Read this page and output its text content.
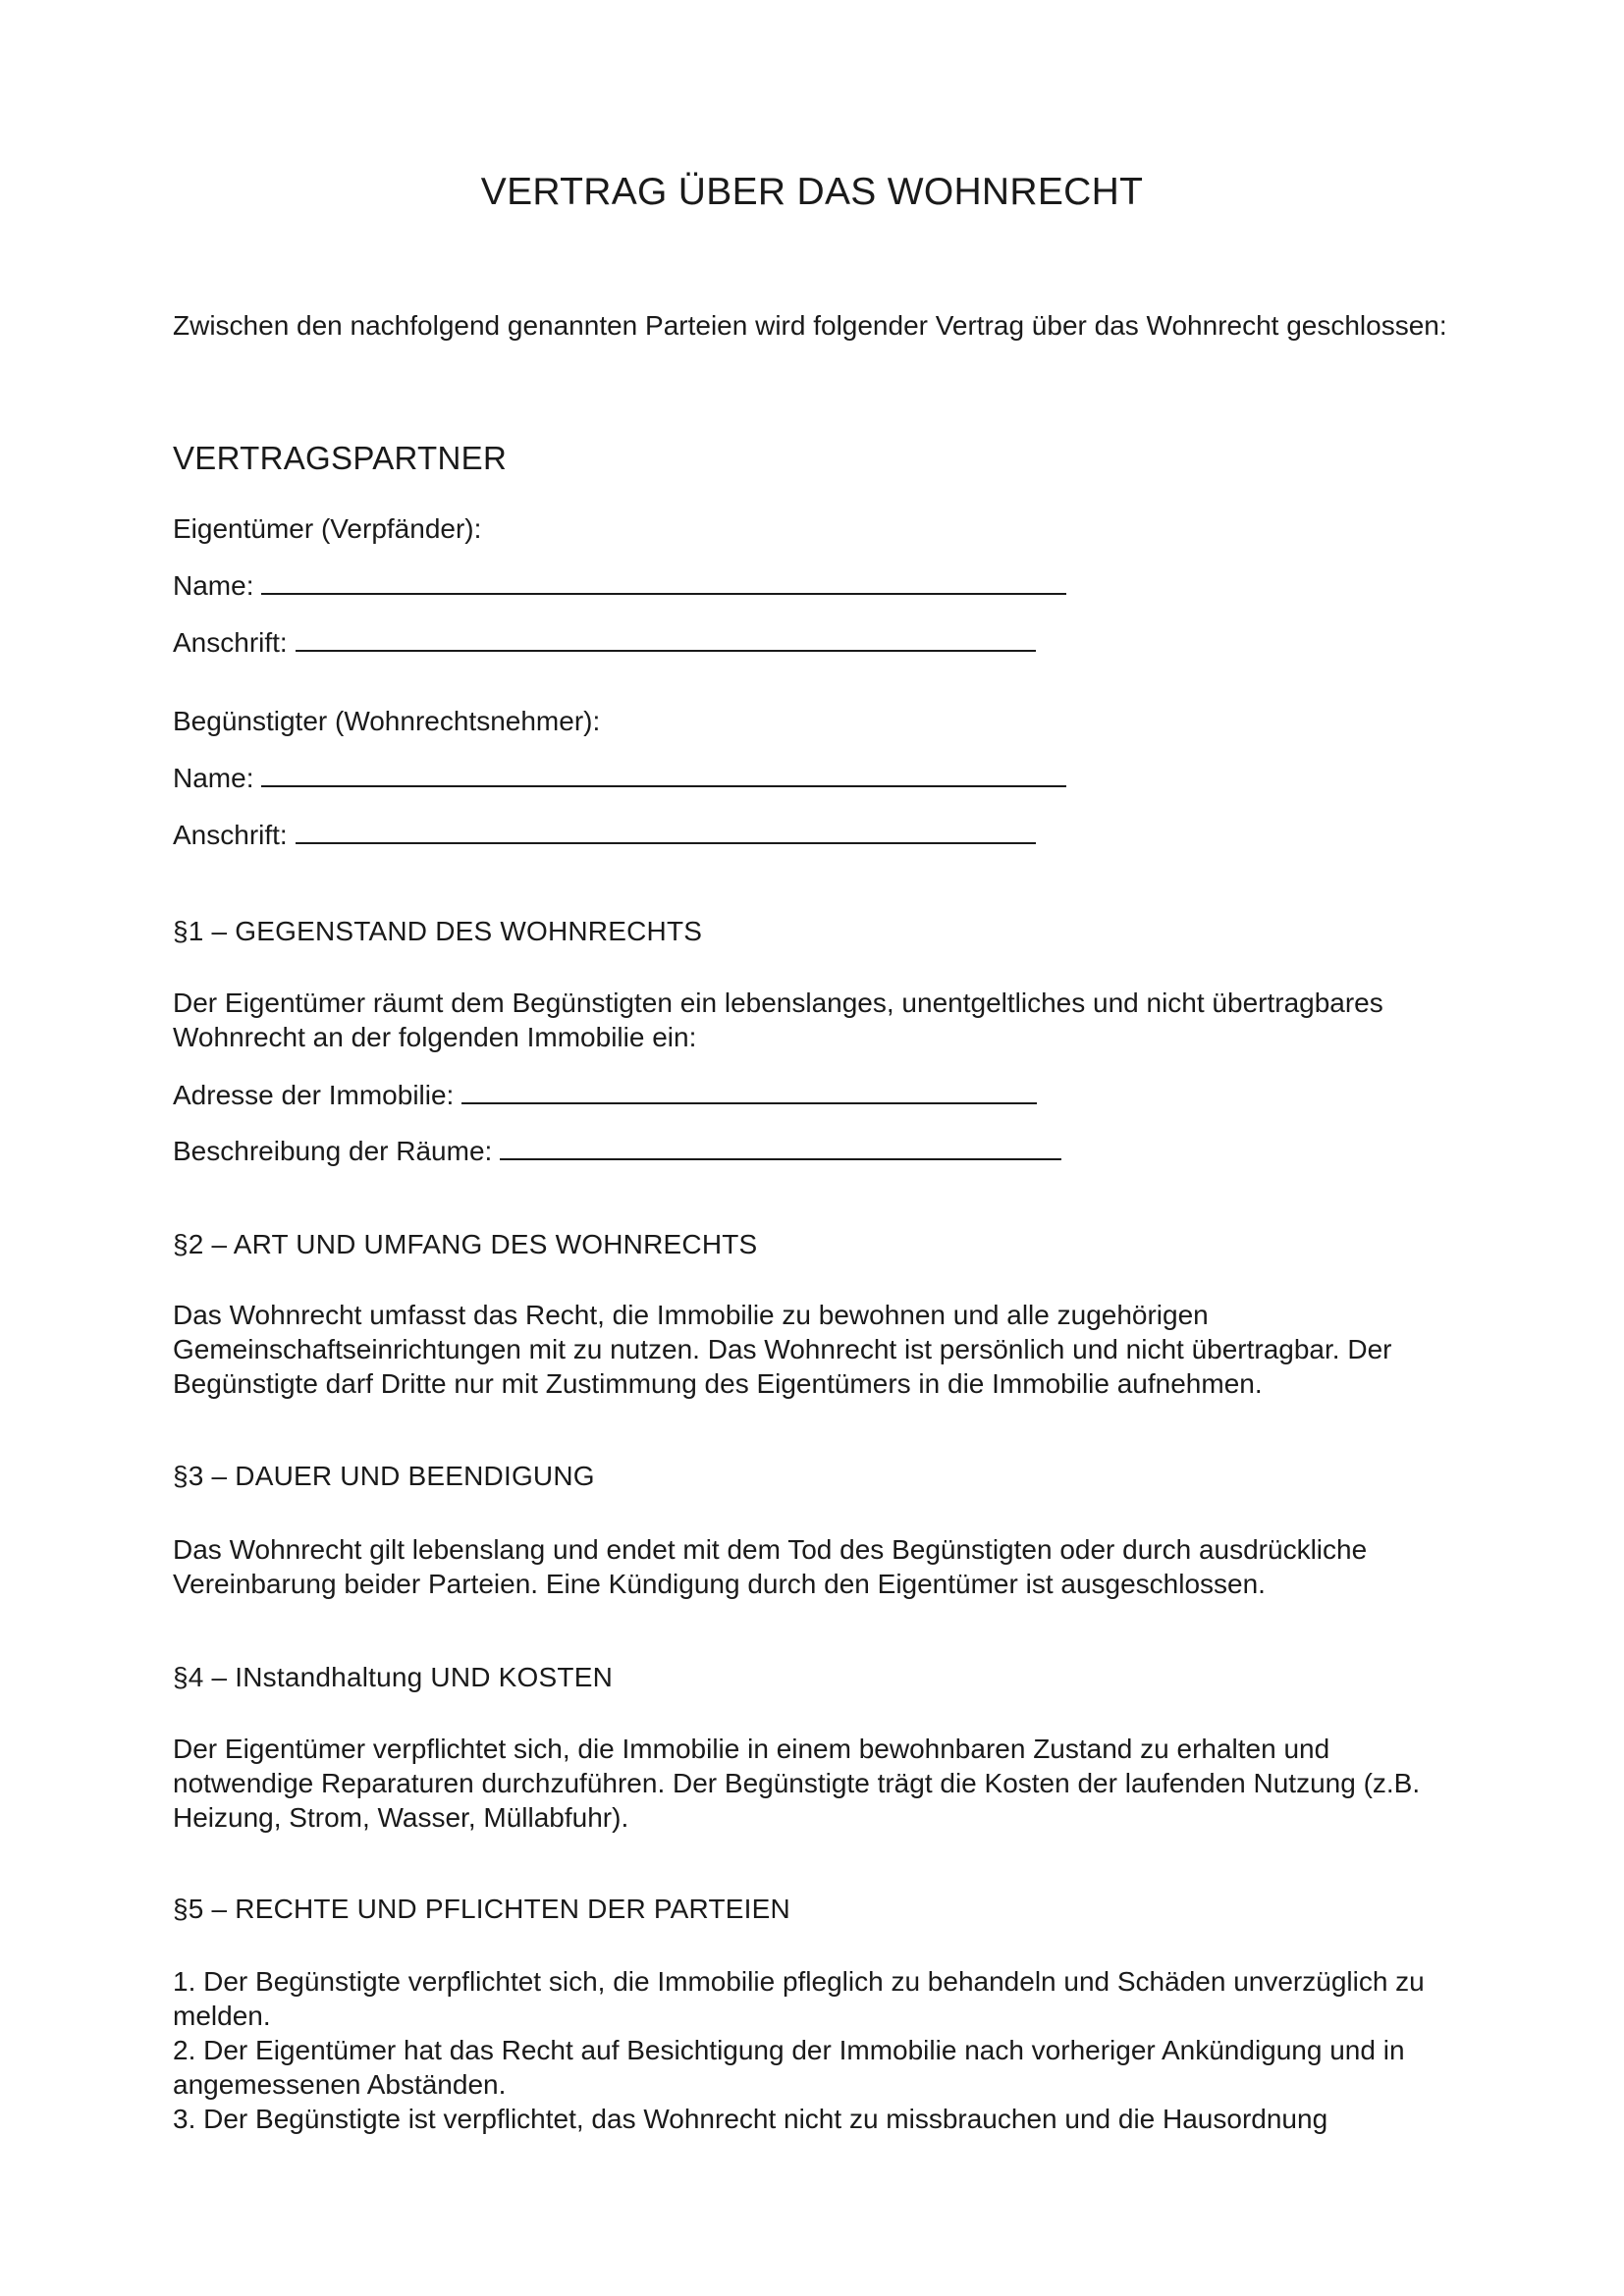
VERTRAG ÜBER DAS WOHNRECHT
Zwischen den nachfolgend genannten Parteien wird folgender Vertrag über das Wohnrecht geschlossen:
VERTRAGSPARTNER
Eigentümer (Verpfänder):
Name:
Anschrift:
Begünstigter (Wohnrechtsnehmer):
Name:
Anschrift:
§1 – GEGENSTAND DES WOHNRECHTS
Der Eigentümer räumt dem Begünstigten ein lebenslanges, unentgeltliches und nicht übertragbares Wohnrecht an der folgenden Immobilie ein:
Adresse der Immobilie:
Beschreibung der Räume:
§2 – ART UND UMFANG DES WOHNRECHTS
Das Wohnrecht umfasst das Recht, die Immobilie zu bewohnen und alle zugehörigen Gemeinschaftseinrichtungen mit zu nutzen. Das Wohnrecht ist persönlich und nicht übertragbar. Der Begünstigte darf Dritte nur mit Zustimmung des Eigentümers in die Immobilie aufnehmen.
§3 – DAUER UND BEENDIGUNG
Das Wohnrecht gilt lebenslang und endet mit dem Tod des Begünstigten oder durch ausdrückliche Vereinbarung beider Parteien. Eine Kündigung durch den Eigentümer ist ausgeschlossen.
§4 – INstandhaltung UND KOSTEN
Der Eigentümer verpflichtet sich, die Immobilie in einem bewohnbaren Zustand zu erhalten und notwendige Reparaturen durchzuführen. Der Begünstigte trägt die Kosten der laufenden Nutzung (z.B. Heizung, Strom, Wasser, Müllabfuhr).
§5 – RECHTE UND PFLICHTEN DER PARTEIEN
1. Der Begünstigte verpflichtet sich, die Immobilie pfleglich zu behandeln und Schäden unverzüglich zu melden.
2. Der Eigentümer hat das Recht auf Besichtigung der Immobilie nach vorheriger Ankündigung und in angemessenen Abständen.
3. Der Begünstigte ist verpflichtet, das Wohnrecht nicht zu missbrauchen und die Hausordnung
